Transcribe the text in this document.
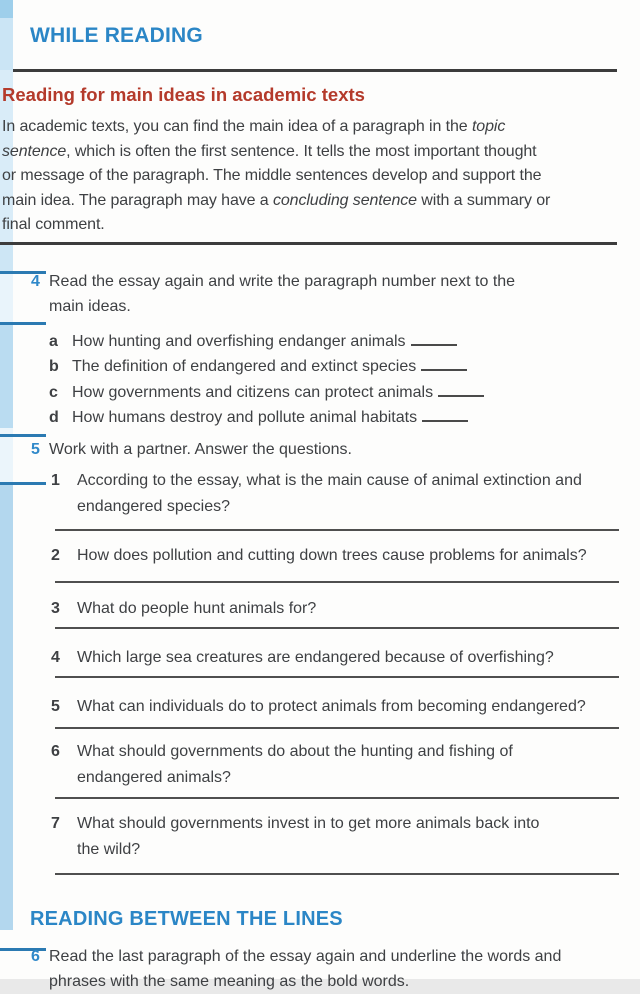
WHILE READING
Reading for main ideas in academic texts
In academic texts, you can find the main idea of a paragraph in the topic
sentence, which is often the first sentence. It tells the most important thought
or message of the paragraph. The middle sentences develop and support the
main idea. The paragraph may have a concluding sentence with a summary or
final comment.
4 Read the essay again and write the paragraph number next to the
main ideas.
a How hunting and overfishing endanger animals
b The definition of endangered and extinct species
c How governments and citizens can protect animals
d How humans destroy and pollute animal habitats
5 Work with a partner. Answer the questions.
1 According to the essay, what is the main cause of animal extinction and
endangered species?
2 How does pollution and cutting down trees cause problems for animals?
3 What do people hunt animals for?
4 Which large sea creatures are endangered because of overfishing?
5 What can individuals do to protect animals from becoming endangered?
6 What should governments do about the hunting and fishing of
endangered animals?
7 What should governments invest in to get more animals back into
the wild?
READING BETWEEN THE LINES
6 Read the last paragraph of the essay again and underline the words and
phrases with the same meaning as the bold words.
